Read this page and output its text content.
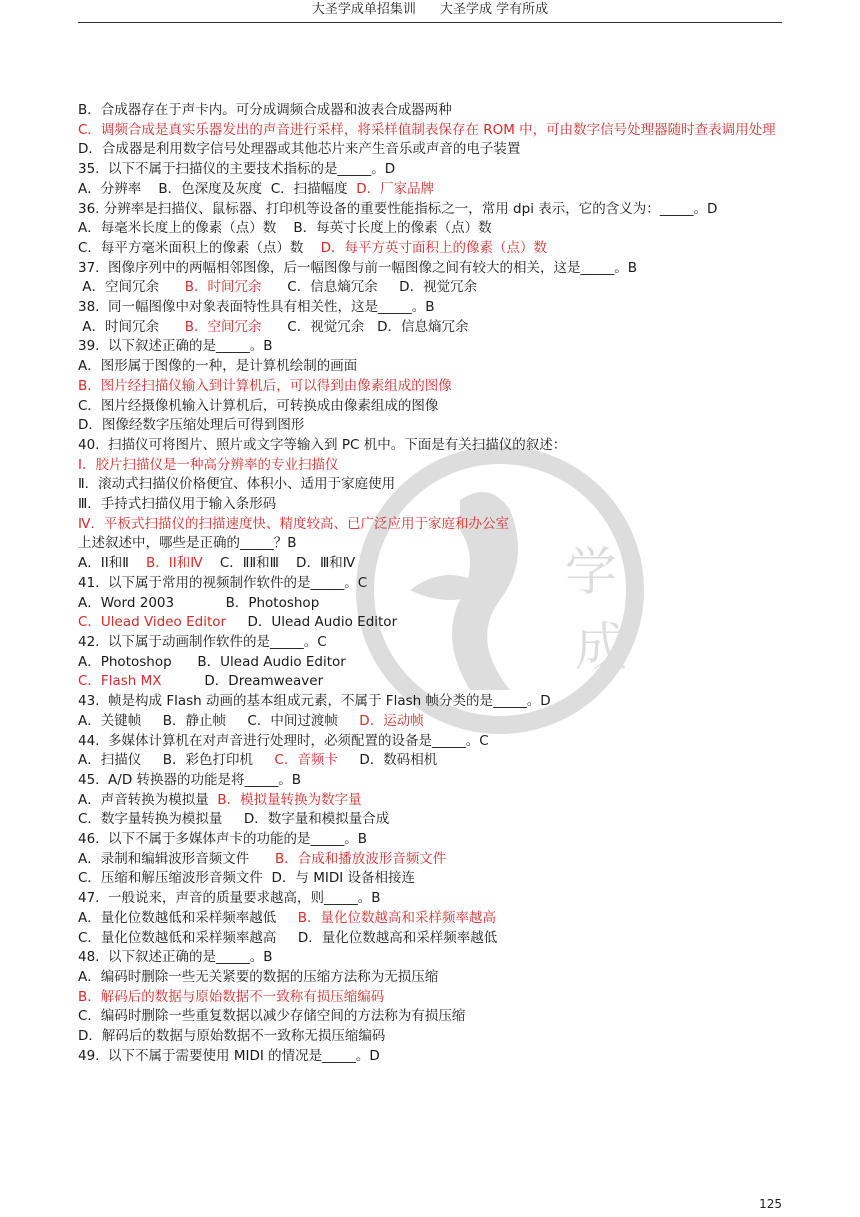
大圣学成单招集训 大圣学成 学有所成
学
成
B．合成器存在于声卡内。可分成调频合成器和波表合成器两种
C．调频合成是真实乐器发出的声音进行采样，将采样值制表保存在 ROM 中，可由数字信号处理器随时查表调用处理
D．合成器是利用数字信号处理器或其他芯片来产生音乐或声音的电子装置
35.  以下不属于扫描仪的主要技术指标的是_____。D
A．分辨率    B．色深度及灰度  C．扫描幅度  D．厂家品牌
36. 分辨率是扫描仪、鼠标器、打印机等设备的重要性能指标之一，常用 dpi 表示，它的含义为：_____。D
A．每毫米长度上的像素（点）数    B．每英寸长度上的像素（点）数
C．每平方毫米面积上的像素（点）数    D．每平方英寸面积上的像素（点）数
37.  图像序列中的两幅相邻图像，后一幅图像与前一幅图像之间有较大的相关，这是_____。B
A．空间冗余      B．时间冗余      C．信息熵冗余     D．视觉冗余
38.  同一幅图像中对象表面特性具有相关性，这是_____。B
A．时间冗余      B．空间冗余      C．视觉冗余   D．信息熵冗余
39.  以下叙述正确的是_____。B
A．图形属于图像的一种，是计算机绘制的画面
B．图片经扫描仪输入到计算机后，可以得到由像素组成的图像
C．图片经摄像机输入计算机后，可转换成由像素组成的图像
D．图像经数字压缩处理后可得到图形
40.  扫描仪可将图片、照片或文字等输入到 PC 机中。下面是有关扫描仪的叙述：
Ⅰ．胶片扫描仪是一种高分辨率的专业扫描仪
Ⅱ．滚动式扫描仪价格便宜、体积小、适用于家庭使用
Ⅲ．手持式扫描仪用于输入条形码
Ⅳ．平板式扫描仪的扫描速度快、精度较高、已广泛应用于家庭和办公室
上述叙述中，哪些是正确的_____？B
A．ⅠⅠ和Ⅱ    B．ⅠⅠ和Ⅳ    C．ⅡⅡ和Ⅲ    D．Ⅲ和Ⅳ
41.  以下属于常用的视频制作软件的是_____。C
A．Word 2003            B．Photoshop
C．Ulead Video Editor     D．Ulead Audio Editor
42.  以下属于动画制作软件的是_____。C
A．Photoshop      B．Ulead Audio Editor
C．Flash MX          D．Dreamweaver
43.  帧是构成 Flash 动画的基本组成元素，不属于 Flash 帧分类的是_____。D
A．关键帧     B．静止帧     C．中间过渡帧     D．运动帧
44.  多媒体计算机在对声音进行处理时，必须配置的设备是_____。C
A．扫描仪     B．彩色打印机     C．音频卡     D．数码相机
45.  A/D 转换器的功能是将_____。B
A．声音转换为模拟量  B．模拟量转换为数字量
C．数字量转换为模拟量     D．数字量和模拟量合成
46.  以下不属于多媒体声卡的功能的是_____。B
A．录制和编辑波形音频文件      B．合成和播放波形音频文件
C．压缩和解压缩波形音频文件  D．与 MIDI 设备相接连
47.  一般说来，声音的质量要求越高，则_____。B
A．量化位数越低和采样频率越低     B．量化位数越高和采样频率越高
C．量化位数越低和采样频率越高     D．量化位数越高和采样频率越低
48.  以下叙述正确的是_____。B
A．编码时删除一些无关紧要的数据的压缩方法称为无损压缩
B．解码后的数据与原始数据不一致称有损压缩编码
C．编码时删除一些重复数据以减少存储空间的方法称为有损压缩
D．解码后的数据与原始数据不一致称无损压缩编码
49.  以下不属于需要使用 MIDI 的情况是_____。D
125
